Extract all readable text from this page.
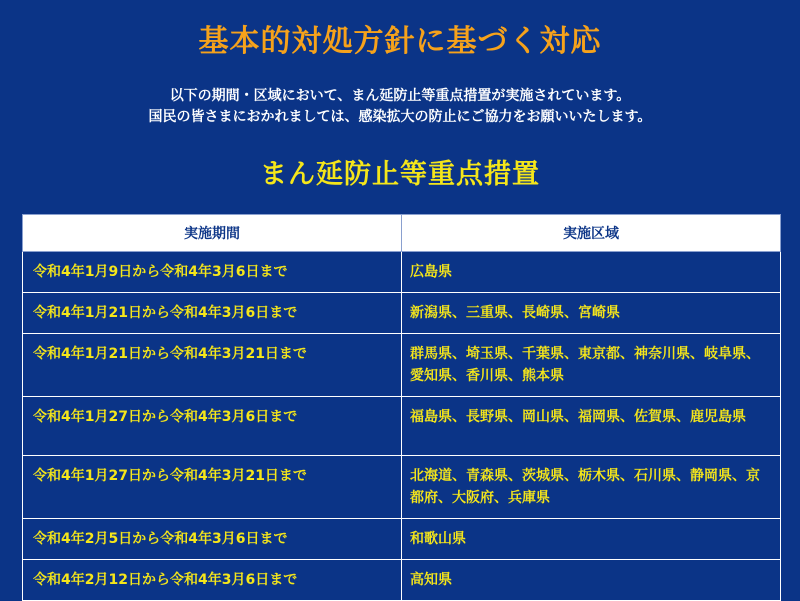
基本的対処方針に基づく対応

以下の期間・区域において、まん延防止等重点措置が実施されています。

国民の皆さまにおかれましては、感染拡大の防止にご協力をお願いいたします。

まん延防止等重点措置
実施期間	実施区域
令和4年1月9日から令和4年3月6日まで	広島県
令和4年1月21日から令和4年3月6日まで	新潟県、三重県、長崎県、宮崎県
令和4年1月21日から令和4年3月21日まで	群馬県、埼玉県、千葉県、東京都、神奈川県、岐阜県、愛知県、香川県、熊本県
令和4年1月27日から令和4年3月6日まで	福島県、長野県、岡山県、福岡県、佐賀県、鹿児島県
令和4年1月27日から令和4年3月21日まで	北海道、青森県、茨城県、栃木県、石川県、静岡県、京都府、大阪府、兵庫県
令和4年2月5日から令和4年3月6日まで	和歌山県
令和4年2月12日から令和4年3月6日まで	高知県
